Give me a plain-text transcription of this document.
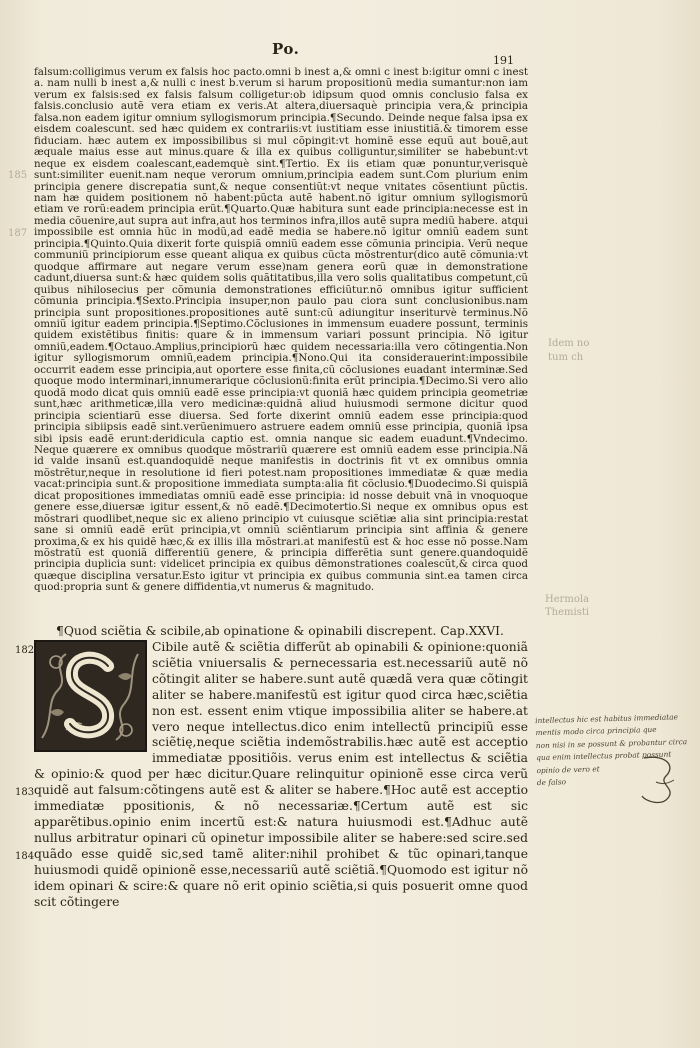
Po.
191
185
187
Idem no
tum ch
Hermola
Themisti

falsum:colligimus verum ex falsis hoc pacto.omni b inest a,& omni c inest b:igitur omni c inest a. nam nulli b inest a,& nulli c inest b.verum si harum propositionũ media sumantur:non iam verum ex falsis:sed ex falsis falsum colligetur:ob idipsum quod omnis conclusio falsa ex falsis.conclusio autẽ vera etiam ex veris.At altera,diuersaquè principia vera,& principia falsa.non eadem igitur omnium syllogismorum principia.¶Secundo. Deinde neque falsa ipsa ex eisdem coalescunt. sed hæc quidem ex contrariis:vt iustitiam esse iniustitiã.& timorem esse fiduciam. hæc autem ex impossibilibus si mul cõpingit:vt hominẽ esse equũ aut bouẽ,aut æquale maius esse aut minus.quare & illa ex quibus colliguntur,similiter se habebunt:vt neque ex eisdem coalescant,eademquè sint.¶Tertio. Ex iis etiam quæ ponuntur,verisquè sunt:similiter euenit.nam neque verorum omnium,principia eadem sunt.Com plurium enim principia genere discrepatia sunt,& neque consentiũt:vt neque vnitates cõsentiunt pũctis. nam hæ quidem positionem nõ habent:pũcta autẽ habent.nõ igitur omnium syllogismorũ etiam ve rorũ:eadem principia erũt.¶Quarto.Quæ habitura sunt eade principia:necesse est in media cõuenire,aut supra aut infra,aut hos terminos infra,illos autẽ supra mediũ habere. atqui impossibile est omnia hũc in modũ,ad eadẽ media se habere.nõ igitur omniũ eadem sunt principia.¶Quinto.Quia dixerit forte quispiã omniũ eadem esse cõmunia principia. Verũ neque communiũ principiorum esse queant aliqua ex quibus cũcta mõstrentur(dico autẽ cõmunia:vt quodque affirmare aut negare verum esse)nam genera eorũ quæ in demonstratione cadunt,diuersa sunt:& hæc quidem solis quãtitatibus,illa vero solis qualitatibus competunt,cũ quibus nihilosecius per cõmunia demonstrationes efficiũtur.nõ omnibus igitur sufficient cõmunia principia.¶Sexto.Principia insuper,non paulo pau ciora sunt conclusionibus.nam principia sunt propositiones.propositiones autẽ sunt:cũ adiungitur inseriturvè terminus.Nõ omniũ igitur eadem principia.¶Septimo.Cõclusiones in immensum euadere possunt, terminis quidem existẽtibus finitis: quare & in immensum variari possunt principia. Nõ igitur omniũ,eadem.¶Octauo.Amplius,principiorũ hæc quidem necessaria:illa vero cõtingentia.Non igitur syllogismorum omniũ,eadem principia.¶Nono.Qui ita considerauerint:impossibile occurrit eadem esse principia,aut oportere esse finita,cũ cõclusiones euadant interminæ.Sed quoque modo interminari,innumerarique cõclusionũ:finita erũt principia.¶Decimo.Si vero alio quodã modo dicat quis omniũ eadẽ esse principia:vt quoniã hæc quidem principia geometriæ sunt,hæc arithmeticæ,illa vero medicinæ:quidnã aliud huiusmodi sermone dicitur quod principia scientiarũ esse diuersa. Sed forte dixerint omniũ eadem esse principia:quod principia sibiipsis eadẽ sint.verũenimuero astruere eadem omniũ esse principia, quoniã ipsa sibi ipsis eadẽ erunt:deridicula captio est. omnia nanque sic eadem euadunt.¶Vndecimo. Neque quærere ex omnibus quodque mõstrariũ quærere est omniũ eadem esse principia.Nã id valde insanũ est.quandoquidẽ neque manifestis in doctrinis fit vt ex omnibus omnia mõstrẽtur,neque in resolutione id fieri potest.nam propositiones immediatæ & quæ media vacat:principia sunt.& propositione immediata sumpta:alia fit cõclusio.¶Duodecimo.Si quispiã dicat propositiones immediatas omniũ eadẽ esse principia: id nosse debuit vnã in vnoquoque genere esse,diuersæ igitur essent,& nõ eadẽ.¶Decimotertio.Si neque ex omnibus opus est mõstrari quodlibet,neque sic ex alieno principio vt cuiusque sciẽtiæ alia sint principia:restat sane si omniũ eadẽ erũt principia,vt omniũ sciẽntiarum principia sint affinia & genere proxima,& ex his quidẽ hæc,& ex illis illa mõstrari.at manifestũ est & hoc esse nõ posse.Nam mõstratũ est quoniã differentiũ genere, & principia differẽtia sunt genere.quandoquidẽ principia duplicia sunt: videlicet principia ex quibus dẽmonstrationes coalescũt,& circa quod quæque disciplina versatur.Esto igitur vt principia ex quibus communia sint.ea tamen circa quod:propria sunt & genere diffidentia,vt numerus & magnitudo.

¶Quod sciẽtia & scibile,ab opinatione & opinabili discrepent. Cap.XXVI.
182
183
184

Cibile autẽ & sciẽtia differũt ab opinabili & opinione:quoniã sciẽtia vniuersalis & pernecessaria est.necessariũ autẽ nõ cõtingit aliter se habere.sunt autẽ quædã vera quæ cõtingit aliter se habere.manifestũ est igitur quod circa hæc,sciẽtia non est. essent enim vtique impossibilia aliter se habere.at vero neque intellectus.dico enim intellectũ principiũ esse sciẽtię,neque sciẽtia indemõstrabilis.hæc autẽ est acceptio immediatæ ppositiõis. verus enim est intellectus & sciẽtia & opinio:& quod per hæc dicitur.Quare relinquitur opinionẽ esse circa verũ quidẽ aut falsum:cõtingens autẽ est & aliter se habere.¶Hoc autẽ est acceptio immediatæ ppositionis, & nõ necessariæ.¶Certum autẽ est sic apparẽtibus.opinio enim incertũ est:& natura huiusmodi est.¶Adhuc autẽ nullus arbitratur opinari cũ opinetur impossibile aliter se habere:sed scire.sed quãdo esse quidẽ sic,sed tamẽ aliter:nihil prohibet & tũc opinari,tanque huiusmodi quidẽ opinionẽ esse,necessariũ autẽ sciẽtiã.¶Quomodo est igitur nõ idem opinari & scire:& quare nõ erit opinio sciẽtia,si quis posuerit omne quod scit cõtingere

intellectus hic est habitus immediatae

mentis modo circa principia que

non nisi in se possunt & probantur circa

qua enim intellectus probat possunt

opinio de vero et

de falso
